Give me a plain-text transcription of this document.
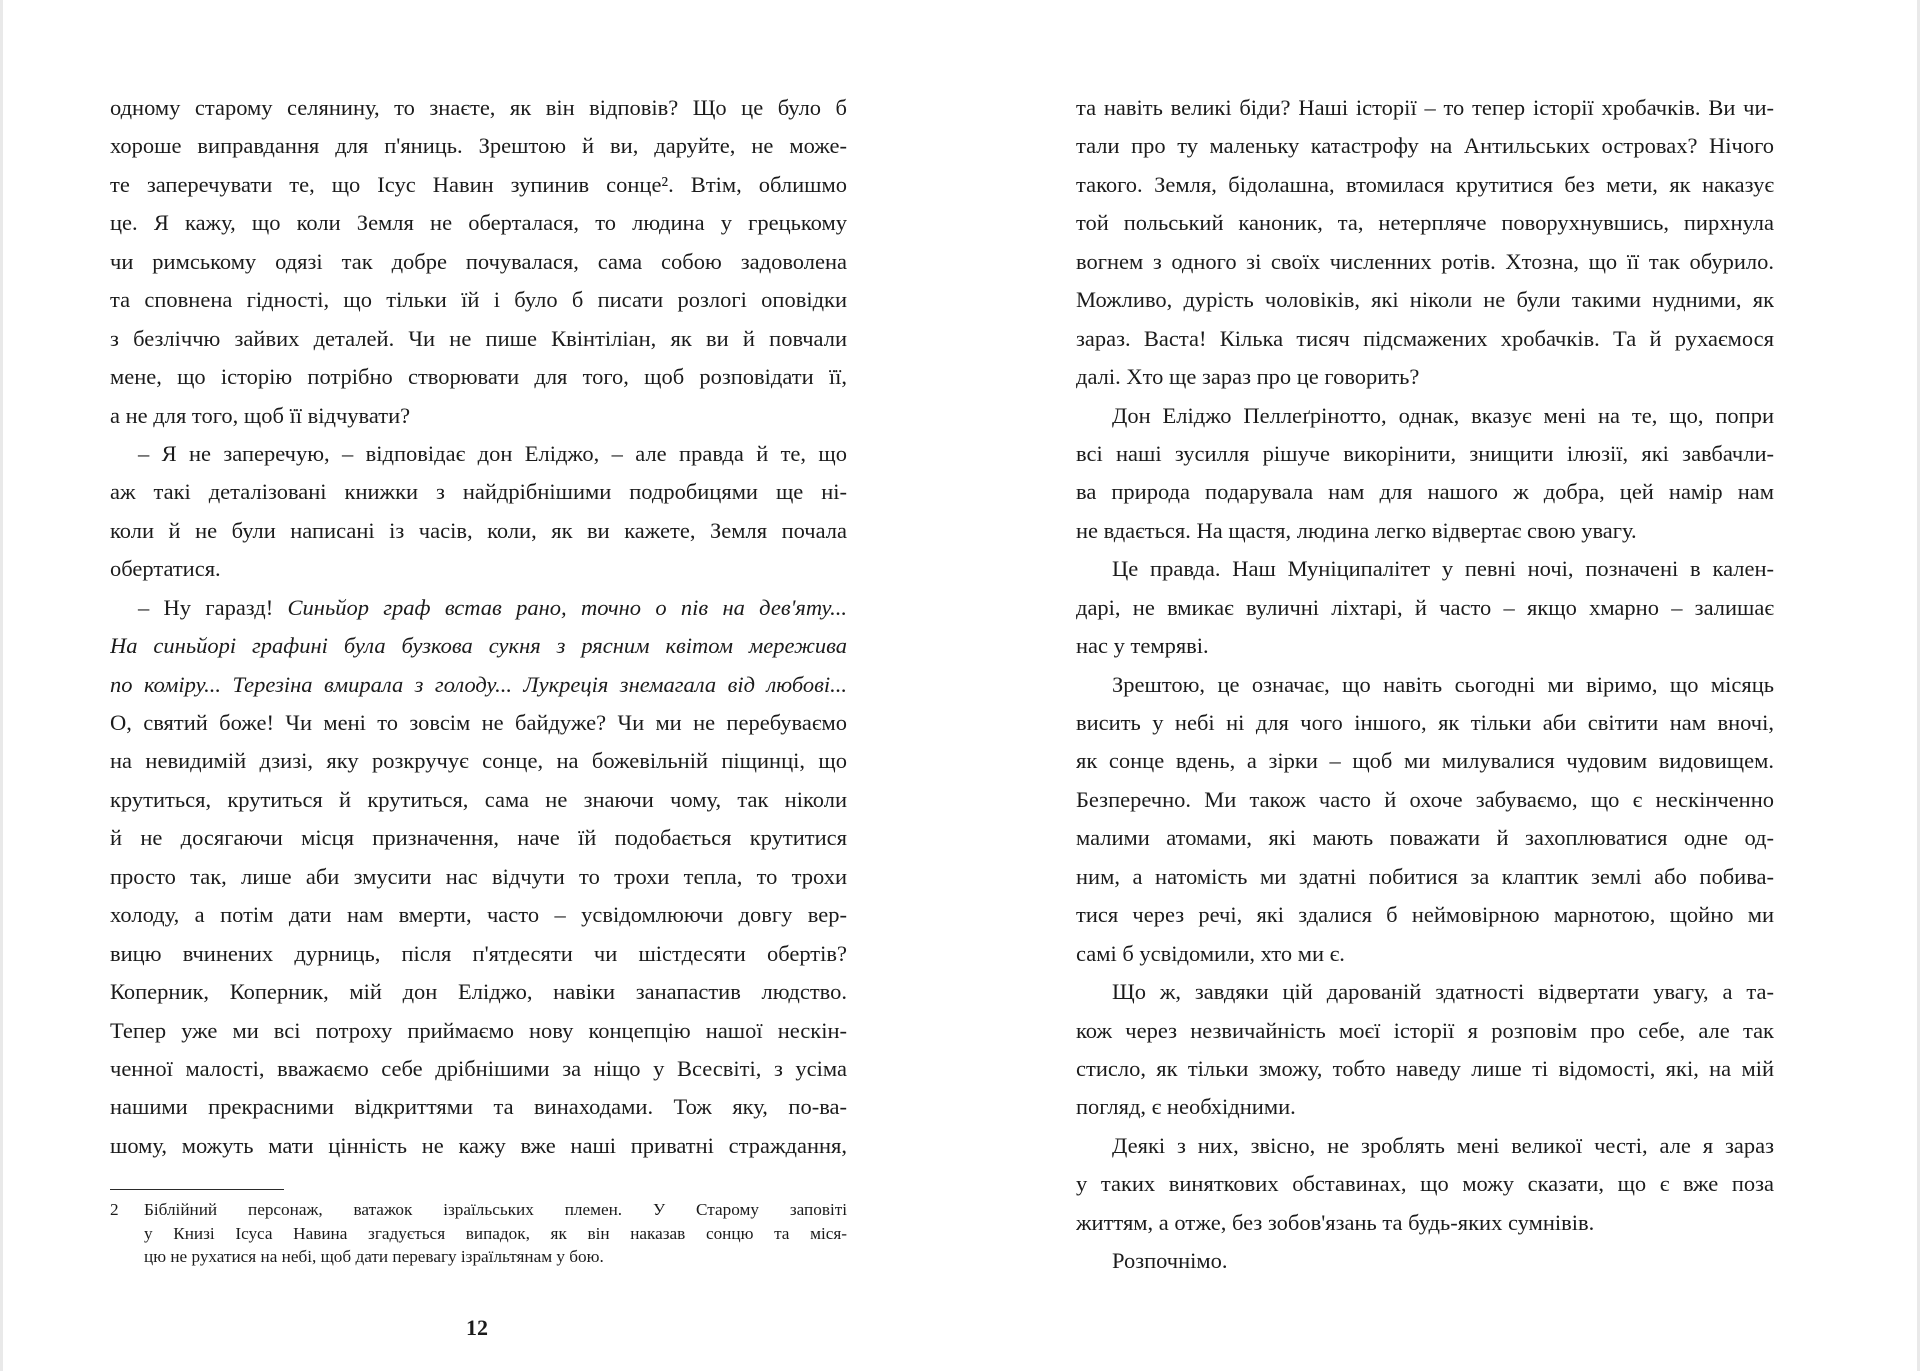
одному старому селянину, то знаєте, як він відповів? Що це було б
хороше виправдання для п'яниць. Зрештою й ви, даруйте, не може-
те заперечувати те, що Ісус Навин зупинив сонце². Втім, облишмо
це. Я кажу, що коли Земля не оберталася, то людина у грецькому
чи римському одязі так добре почувалася, сама собою задоволена
та сповнена гідності, що тільки їй і було б писати розлогі оповідки
з безліччю зайвих деталей. Чи не пише Квінтіліан, як ви й повчали
мене, що історію потрібно створювати для того, щоб розповідати її,
а не для того, щоб її відчувати?
– Я не заперечую, – відповідає дон Еліджо, – але правда й те, що
аж такі деталізовані книжки з найдрібнішими подробицями ще ні-
коли й не були написані із часів, коли, як ви кажете, Земля почала
обертатися.
– Ну гаразд! Синьйор граф встав рано, точно о пів на дев'яту...
На синьйорі графині була бузкова сукня з рясним квітом мережива
по коміру... Терезіна вмирала з голоду... Лукреція знемагала від любові...
О, святий боже! Чи мені то зовсім не байдуже? Чи ми не перебуваємо
на невидимій дзизі, яку розкручує сонце, на божевільній піщинці, що
крутиться, крутиться й крутиться, сама не знаючи чому, так ніколи
й не досягаючи місця призначення, наче їй подобається крутитися
просто так, лише аби змусити нас відчути то трохи тепла, то трохи
холоду, а потім дати нам вмерти, часто – усвідомлюючи довгу вер-
вицю вчинених дурниць, після п'ятдесяти чи шістдесяти обертів?
Коперник, Коперник, мій дон Еліджо, навіки занапастив людство.
Тепер уже ми всі потроху приймаємо нову концепцію нашої нескін-
ченної малості, вважаємо себе дрібнішими за ніщо у Всесвіті, з усіма
нашими прекрасними відкриттями та винаходами. Тож яку, по-ва-
шому, можуть мати цінність не кажу вже наші приватні страждання,
2 Біблійний персонаж, ватажок ізраїльських племен. У Старому заповіті
у Книзі Ісуса Навина згадується випадок, як він наказав сонцю та міся-
цю не рухатися на небі, щоб дати перевагу ізраїльтянам у бою.
12
та навіть великі біди? Наші історії – то тепер історії хробачків. Ви чи-
тали про ту маленьку катастрофу на Антильських островах? Нічого
такого. Земля, бідолашна, втомилася крутитися без мети, як наказує
той польський каноник, та, нетерпляче поворухнувшись, пирхнула
вогнем з одного зі своїх численних ротів. Хтозна, що її так обурило.
Можливо, дурість чоловіків, які ніколи не були такими нудними, як
зараз. Васта! Кілька тисяч підсмажених хробачків. Та й рухаємося
далі. Хто ще зараз про це говорить?
Дон Еліджо Пеллеґрінотто, однак, вказує мені на те, що, попри
всі наші зусилля рішуче викорінити, знищити ілюзії, які завбачли-
ва природа подарувала нам для нашого ж добра, цей намір нам
не вдається. На щастя, людина легко відвертає свою увагу.
Це правда. Наш Муніципалітет у певні ночі, позначені в кален-
дарі, не вмикає вуличні ліхтарі, й часто – якщо хмарно – залишає
нас у темряві.
Зрештою, це означає, що навіть сьогодні ми віримо, що місяць
висить у небі ні для чого іншого, як тільки аби світити нам вночі,
як сонце вдень, а зірки – щоб ми милувалися чудовим видовищем.
Безперечно. Ми також часто й охоче забуваємо, що є нескінченно
малими атомами, які мають поважати й захоплюватися одне од-
ним, а натомість ми здатні побитися за клаптик землі або побива-
тися через речі, які здалися б неймовірною марнотою, щойно ми
самі б усвідомили, хто ми є.
Що ж, завдяки цій дарованій здатності відвертати увагу, а та-
кож через незвичайність моєї історії я розповім про себе, але так
стисло, як тільки зможу, тобто наведу лише ті відомості, які, на мій
погляд, є необхідними.
Деякі з них, звісно, не зроблять мені великої честі, але я зараз
у таких виняткових обставинах, що можу сказати, що є вже поза
життям, а отже, без зобов'язань та будь-яких сумнівів.
Розпочнімо.
